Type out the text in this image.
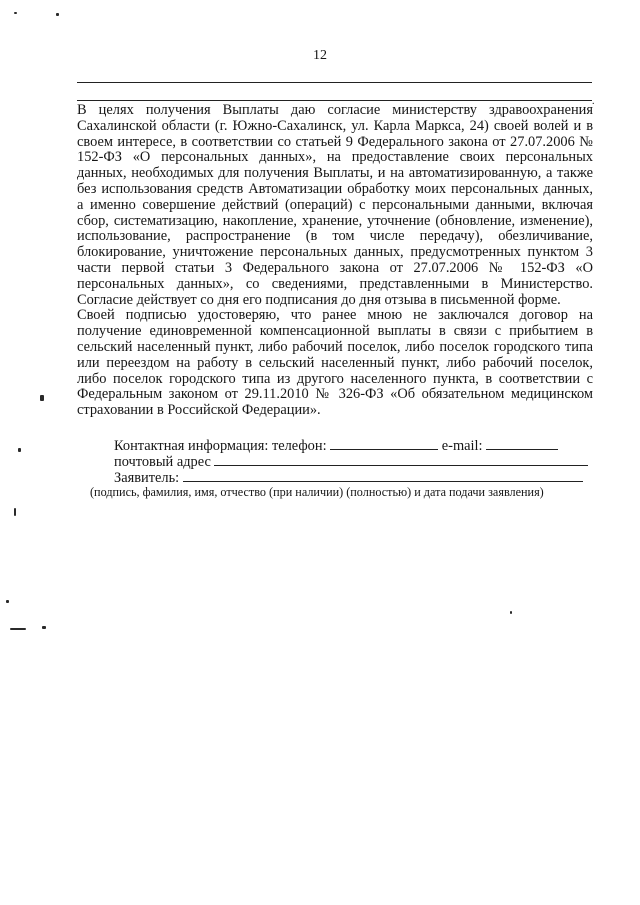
12
.

В целях получения Выплаты даю согласие министерству здравоохранения Сахалинской области (г. Южно-Сахалинск, ул. Карла Маркса, 24) своей волей и в своем интересе, в соответствии со статьей 9 Федерального закона от 27.07.2006 № 152-ФЗ «О персональных данных», на предоставление своих персональных данных, необходимых для получения Выплаты, и на автоматизированную, а также без использования средств Автоматизации обработку моих персональных данных, а именно совершение действий (операций) с персональными данными, включая сбор, систематизацию, накопление, хранение, уточнение (обновление, изменение), использование, распространение (в том числе передачу), обезличивание, блокирование, уничтожение персональных данных, предусмотренных пунктом 3 части первой статьи 3 Федерального закона от 27.07.2006 № 152-ФЗ «О персональных данных», со сведениями, представленными в Министерство. Согласие действует со дня его подписания до дня отзыва в письменной форме.

Своей подписью удостоверяю, что ранее мною не заключался договор на получение единовременной компенсационной выплаты в связи с прибытием в сельский населенный пункт, либо рабочий поселок, либо поселок городского типа или переездом на работу в сельский населенный пункт, либо рабочий поселок, либо поселок городского типа из другого населенного пункта, в соответствии с Федеральным законом от 29.11.2010 № 326-ФЗ «Об обязательном медицинском страховании в Российской Федерации».

Контактная информация: телефон:	e-mail:
почтовый адрес
Заявитель:
(подпись, фамилия, имя, отчество (при наличии) (полностью) и дата подачи заявления)
